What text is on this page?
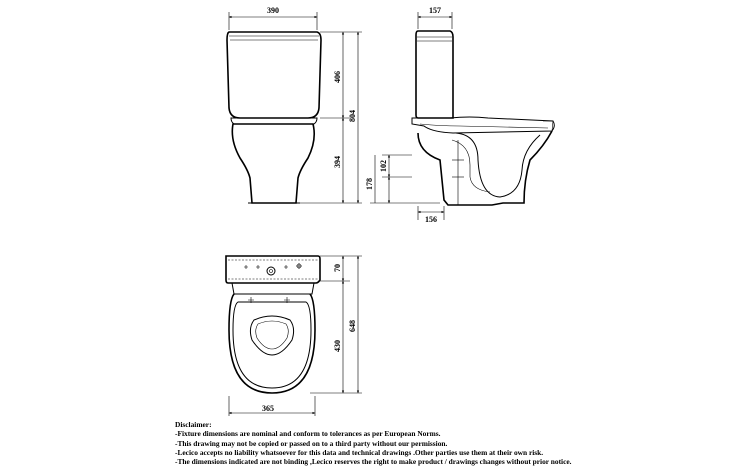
390
406
394
804
157
102
178
156
70
430
648
365
Disclaimer:
-Fixture dimensions are nominal and conform to tolerances as per European Norms.
-This drawing may not be copied or passed on to a third party without our permission.
-Lecico accepts no liability whatsoever for this data and technical drawings .Other parties use them at their own risk.
-The dimensions indicated are not binding ,Lecico reserves the right to make product / drawings changes without prior notice.
